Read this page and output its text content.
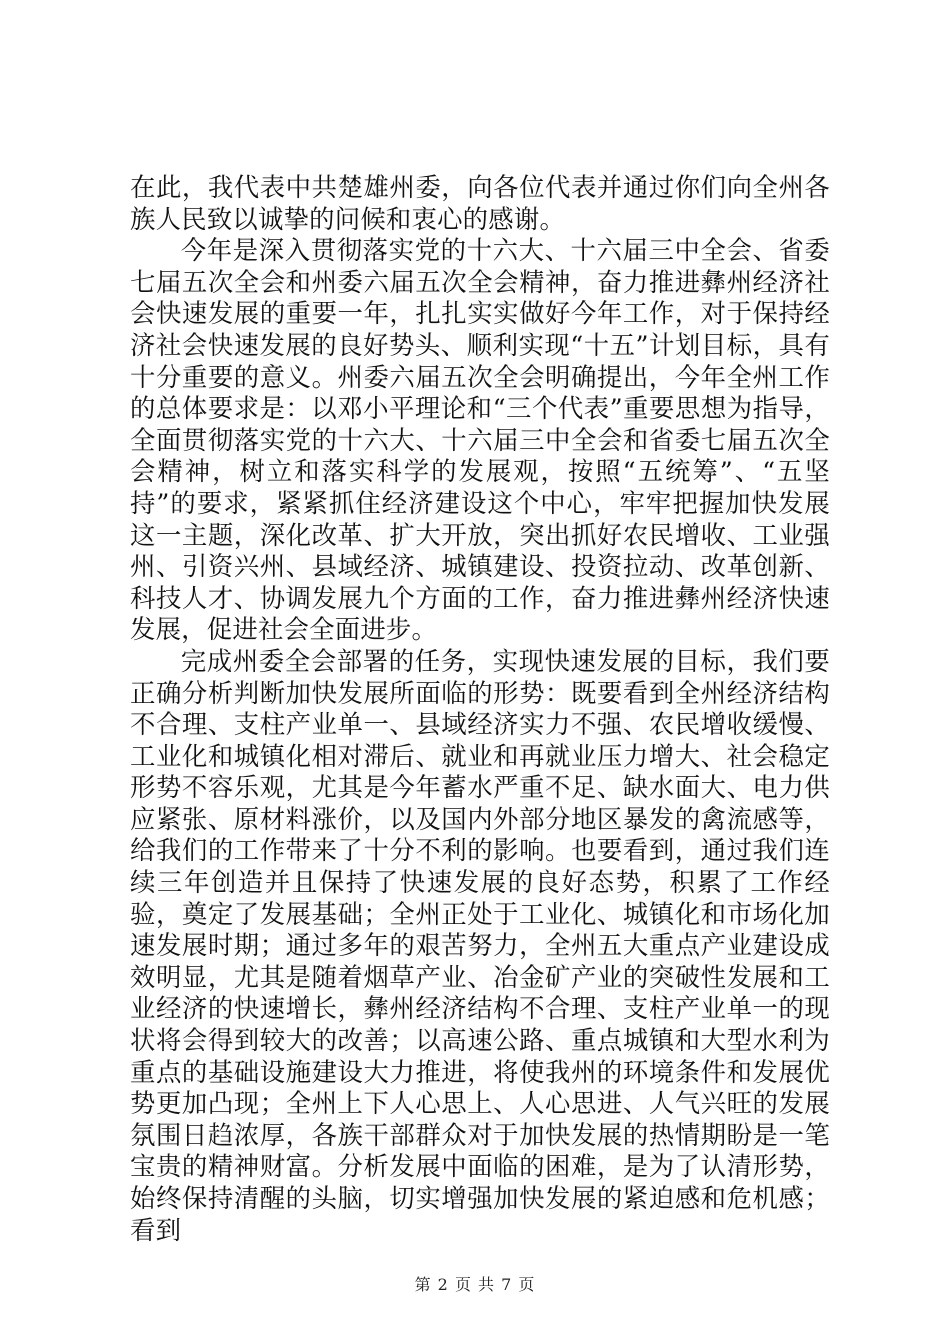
在此，我代表中共楚雄州委，向各位代表并通过你们向全州各族人民致以诚挚的问候和衷心的感谢。

今年是深入贯彻落实党的十六大、十六届三中全会、省委七届五次全会和州委六届五次全会精神，奋力推进彝州经济社会快速发展的重要一年，扎扎实实做好今年工作，对于保持经济社会快速发展的良好势头、顺利实现“十五”计划目标，具有十分重要的意义。州委六届五次全会明确提出，今年全州工作的总体要求是：以邓小平理论和“三个代表”重要思想为指导，全面贯彻落实党的十六大、十六届三中全会和省委七届五次全会精神，树立和落实科学的发展观，按照“五统筹”、“五坚持”的要求，紧紧抓住经济建设这个中心，牢牢把握加快发展这一主题，深化改革、扩大开放，突出抓好农民增收、工业强州、引资兴州、县域经济、城镇建设、投资拉动、改革创新、科技人才、协调发展九个方面的工作，奋力推进彝州经济快速发展，促进社会全面进步。

完成州委全会部署的任务，实现快速发展的目标，我们要正确分析判断加快发展所面临的形势：既要看到全州经济结构不合理、支柱产业单一、县域经济实力不强、农民增收缓慢、工业化和城镇化相对滞后、就业和再就业压力增大、社会稳定形势不容乐观，尤其是今年蓄水严重不足、缺水面大、电力供应紧张、原材料涨价，以及国内外部分地区暴发的禽流感等，给我们的工作带来了十分不利的影响。也要看到，通过我们连续三年创造并且保持了快速发展的良好态势，积累了工作经验，奠定了发展基础；全州正处于工业化、城镇化和市场化加速发展时期；通过多年的艰苦努力，全州五大重点产业建设成效明显，尤其是随着烟草产业、冶金矿产业的突破性发展和工业经济的快速增长，彝州经济结构不合理、支柱产业单一的现状将会得到较大的改善；以高速公路、重点城镇和大型水利为重点的基础设施建设大力推进，将使我州的环境条件和发展优势更加凸现；全州上下人心思上、人心思进、人气兴旺的发展氛围日趋浓厚，各族干部群众对于加快发展的热情期盼是一笔宝贵的精神财富。分析发展中面临的困难，是为了认清形势，始终保持清醒的头脑，切实增强加快发展的紧迫感和危机感；看到

第 2 页 共 7 页
